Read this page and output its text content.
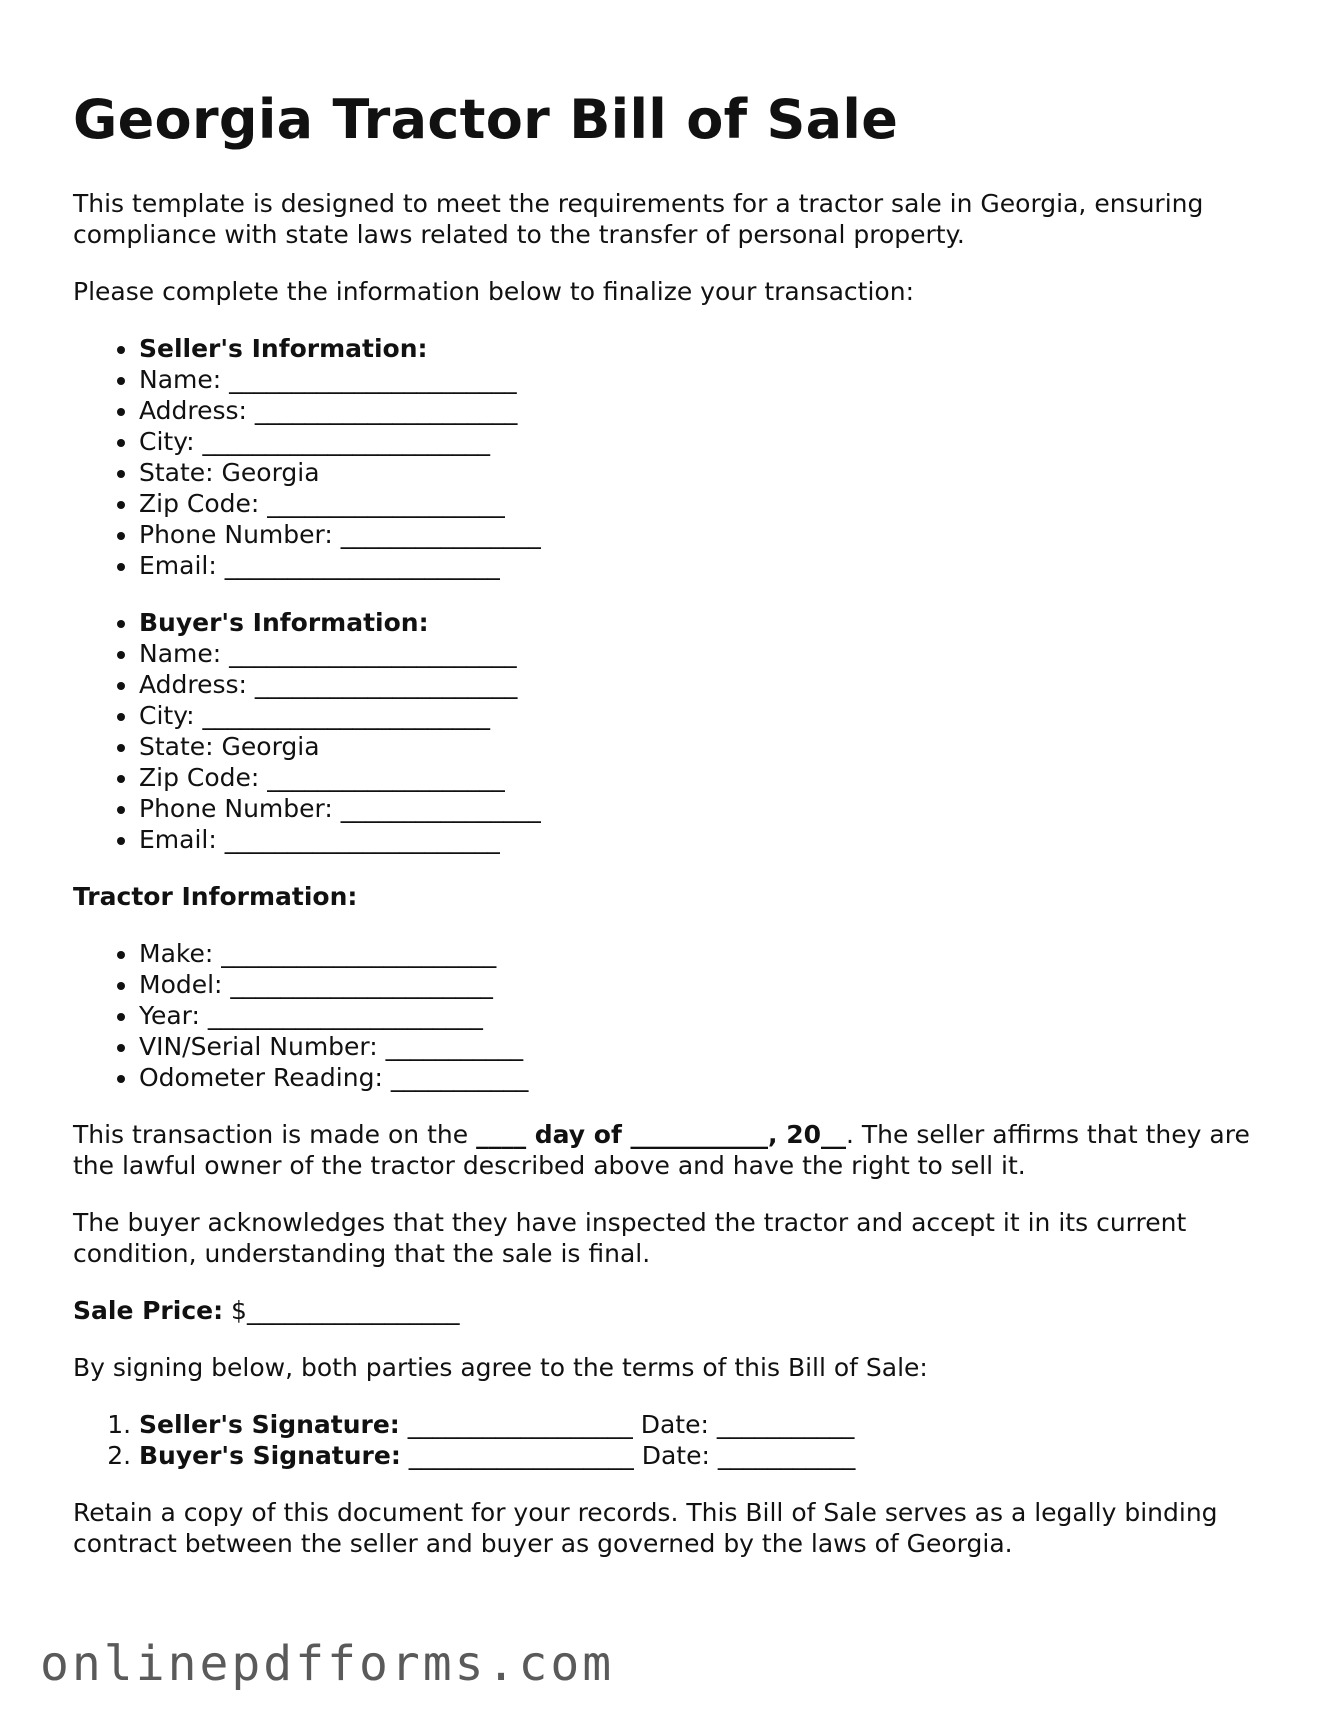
Georgia Tractor Bill of Sale

This template is designed to meet the requirements for a tractor sale in Georgia, ensuring compliance with state laws related to the transfer of personal property.

Please complete the information below to finalize your transaction:

• Seller's Information:
• Name: _______________________
• Address: _____________________
• City: _______________________
• State: Georgia
• Zip Code: ___________________
• Phone Number: ________________
• Email: ______________________
• Buyer's Information:
• Name: _______________________
• Address: _____________________
• City: _______________________
• State: Georgia
• Zip Code: ___________________
• Phone Number: ________________
• Email: ______________________
Tractor Information:
• Make: ______________________
• Model: _____________________
• Year: ______________________
• VIN/Serial Number: ___________
• Odometer Reading: ___________

This transaction is made on the ____ day of ___________, 20__. The seller affirms that they are the lawful owner of the tractor described above and have the right to sell it.

The buyer acknowledges that they have inspected the tractor and accept it in its current condition, understanding that the sale is final.

Sale Price: $_________________

By signing below, both parties agree to the terms of this Bill of Sale:

1. Seller's Signature: __________________ Date: ___________
2. Buyer's Signature: __________________ Date: ___________

Retain a copy of this document for your records. This Bill of Sale serves as a legally binding contract between the seller and buyer as governed by the laws of Georgia.

onlinepdfforms.com
